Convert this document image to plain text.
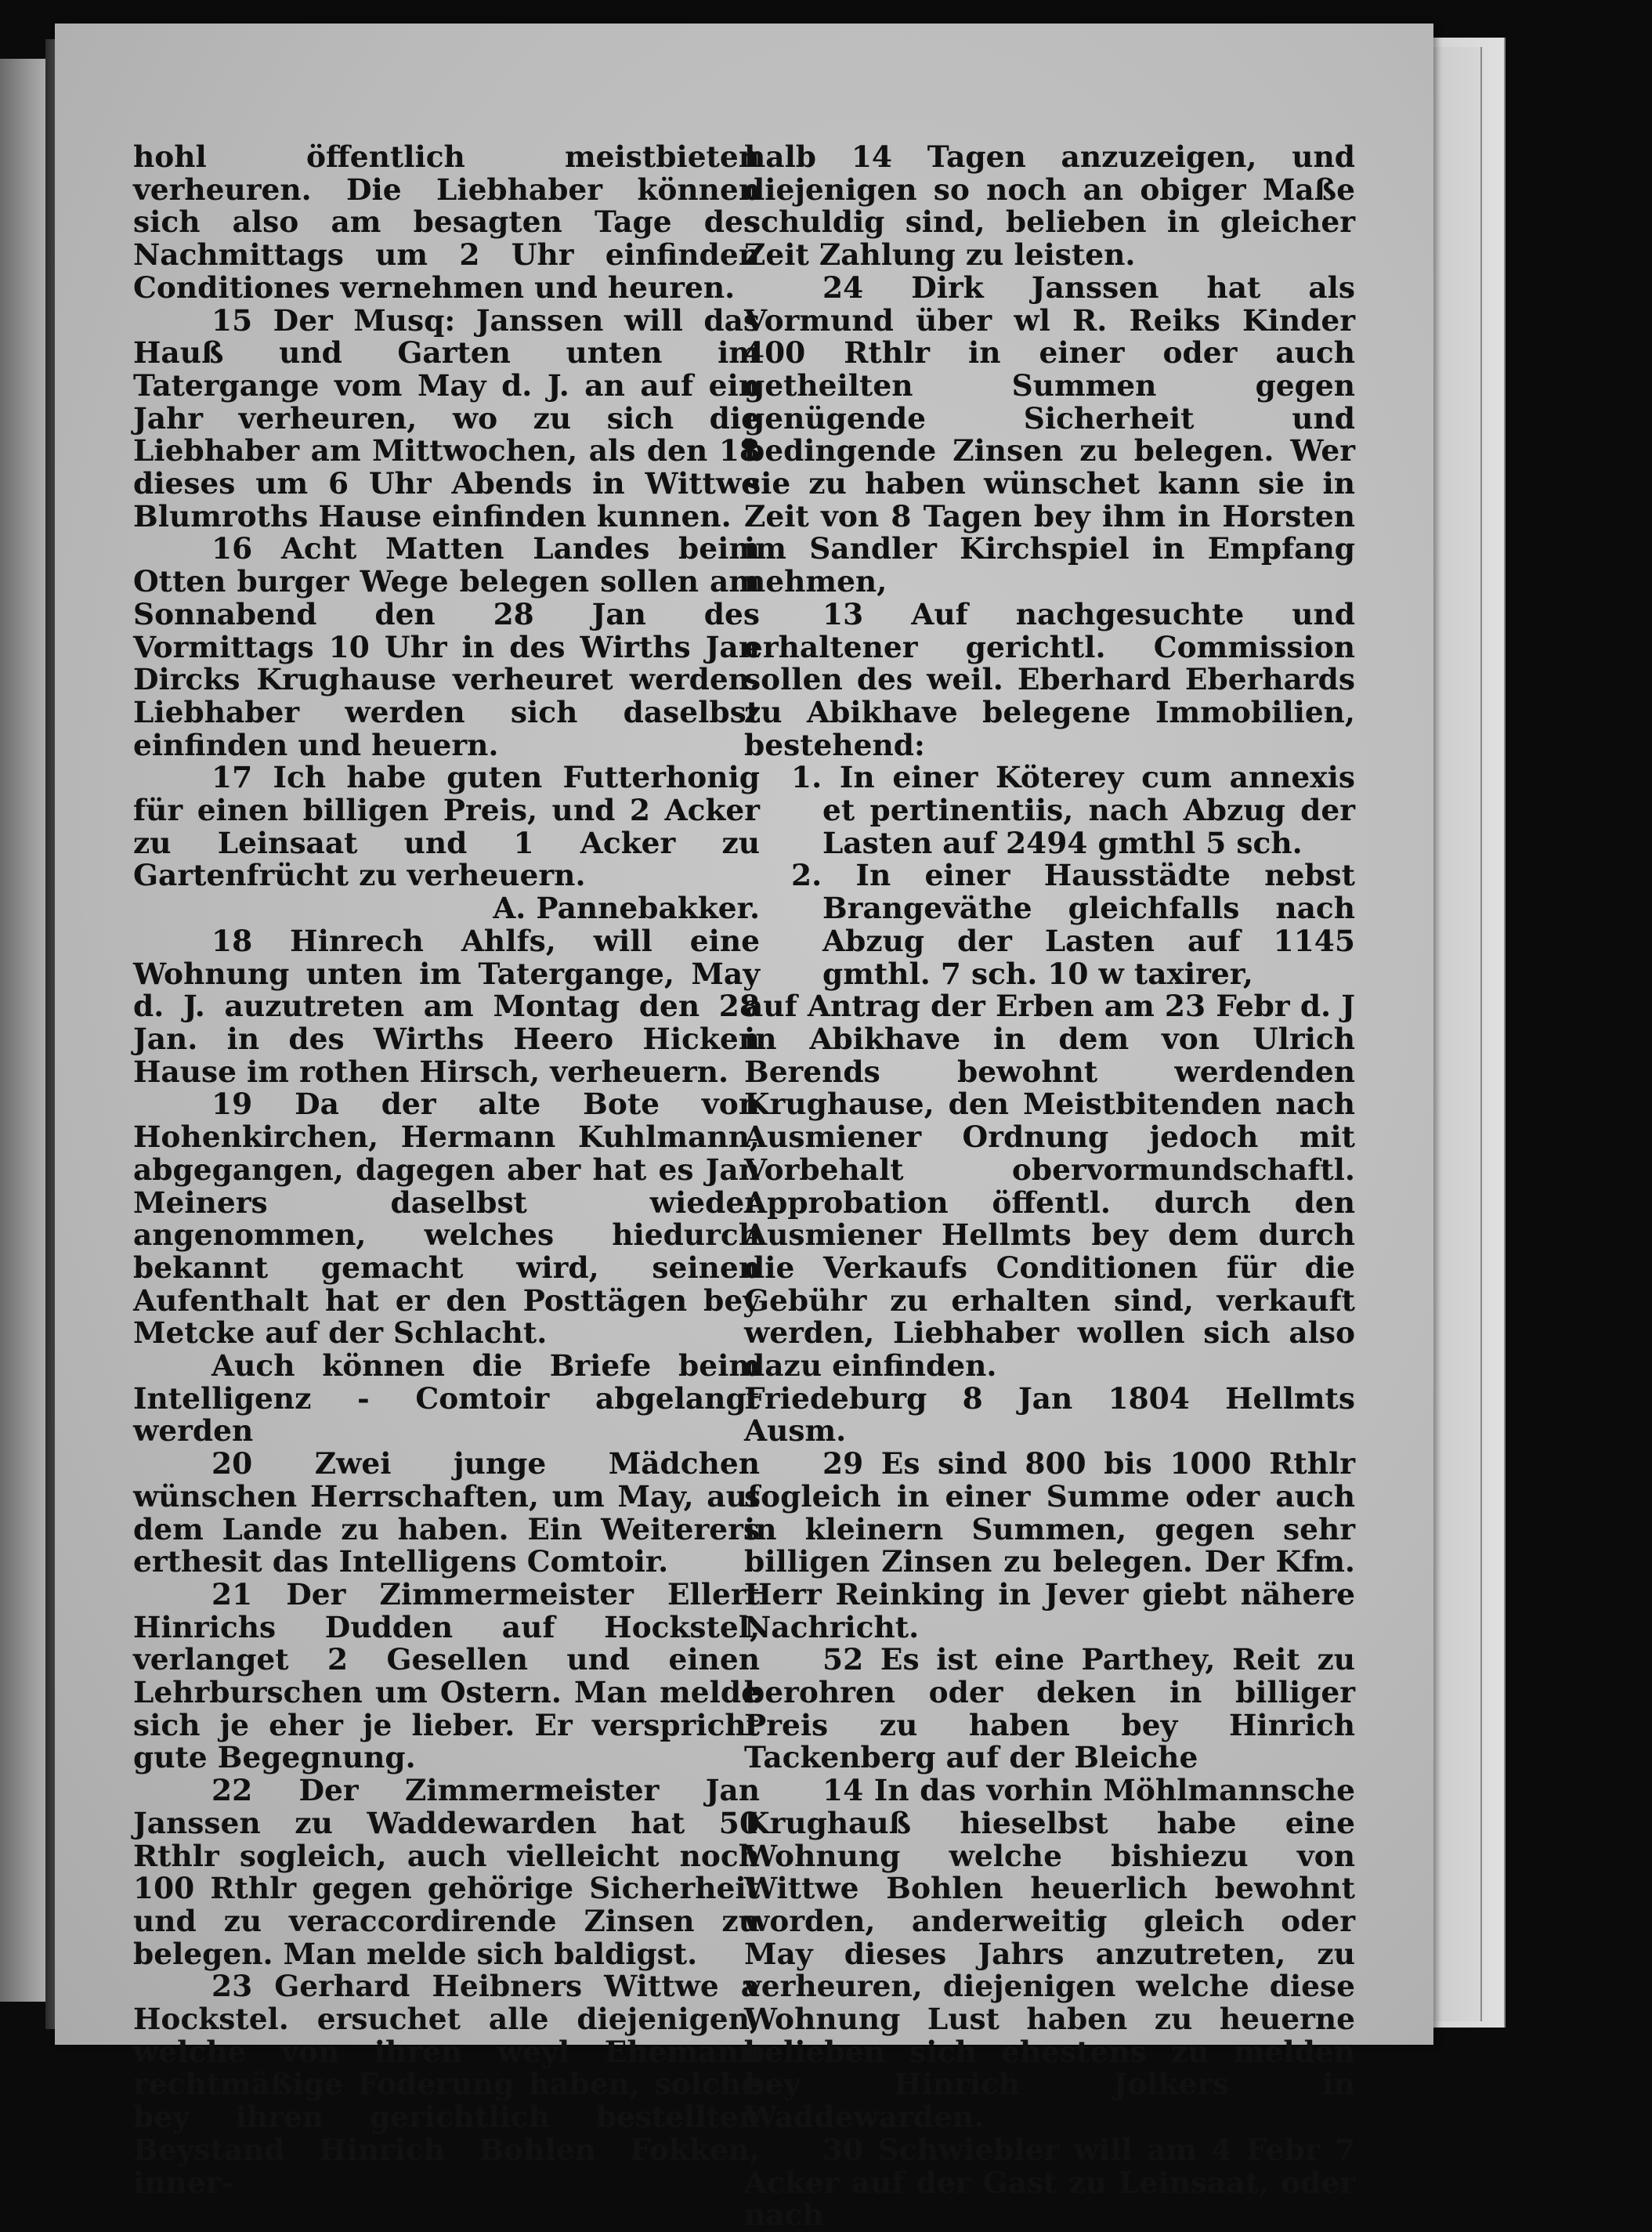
hohl öffentlich meistbieten verheuren. Die Liebhaber können sich also am besagten Tage des Nachmittags um 2 Uhr einfinden Conditiones vernehmen und heuren.

15 Der Musq: Janssen will das Hauß und Garten unten im Tatergange vom May d. J. an auf ein Jahr verheuren, wo zu sich die Liebhaber am Mittwochen, als den 18 dieses um 6 Uhr Abends in Wittwe Blumroths Hause einfinden kunnen.

16 Acht Matten Landes beim Otten burger Wege belegen sollen am Sonnabend den 28 Jan des Vormittags 10 Uhr in des Wirths Jan Dircks Krughause verheuret werden. Liebhaber werden sich daselbst einfinden und heuern.

17 Ich habe guten Futterhonig für einen billigen Preis, und 2 Acker zu Leinsaat und 1 Acker zu Gartenfrücht zu verheuern.

A. Pannebakker.

18 Hinrech Ahlfs, will eine Wohnung unten im Tatergange, May d. J. auzutreten am Montag den 28 Jan. in des Wirths Heero Hicken Hause im rothen Hirsch, verheuern.

19 Da der alte Bote von Hohenkirchen, Hermann Kuhlmann, abgegangen, dagegen aber hat es Jan Meiners daselbst wieder angenommen, welches hiedurch bekannt gemacht wird, seinen Aufenthalt hat er den Posttägen bey Metcke auf der Schlacht.

Auch können die Briefe beim Intelligenz - Comtoir abgelangt werden

20 Zwei junge Mädchen wünschen Herrschaften, um May, auf dem Lande zu haben. Ein Weiterers erthesit das Intelligens Comtoir.

21 Der Zimmermeister Ellert Hinrichs Dudden auf Hockstel, verlanget 2 Gesellen und einen Lehrburschen um Ostern. Man melde sich je eher je lieber. Er verspricht gute Begegnung.

22 Der Zimmermeister Jan Janssen zu Waddewarden hat 50 Rthlr sogleich, auch vielleicht noch 100 Rthlr gegen gehörige Sicherheit und zu veraccordirende Zinsen zu belegen. Man melde sich baldigst.

23 Gerhard Heibners Wittwe a Hockstel. ersuchet alle diejenigen, welche von ihren weyl Ehemann rechtmäßige Foderung haben, solche bey ihren gerichtlich bestellten Beystand Hinrich Bohlen Fokken, inner-

halb 14 Tagen anzuzeigen, und diejenigen so noch an obiger Maße schuldig sind, belieben in gleicher Zeit Zahlung zu leisten.

24 Dirk Janssen hat als Vormund über wl R. Reiks Kinder 400 Rthlr in einer oder auch getheilten Summen gegen genügende Sicherheit und bedingende Zinsen zu belegen. Wer sie zu haben wünschet kann sie in Zeit von 8 Tagen bey ihm in Horsten im Sandler Kirchspiel in Empfang nehmen,

13 Auf nachgesuchte und erhaltener gerichtl. Commission sollen des weil. Eberhard Eberhards zu Abikhave belegene Immobilien, bestehend:

1. In einer Köterey cum annexis et pertinentiis, nach Abzug der Lasten auf 2494 gmthl 5 sch.

2. In einer Hausstädte nebst Brangeväthe gleichfalls nach Abzug der Lasten auf 1145 gmthl. 7 sch. 10 w taxirer,

auf Antrag der Erben am 23 Febr d. J in Abikhave in dem von Ulrich Berends bewohnt werdenden Krughause, den Meistbitenden nach Ausmiener Ordnung jedoch mit Vorbehalt obervormundschaftl. Approbation öffentl. durch den Ausmiener Hellmts bey dem durch die Verkaufs Conditionen für die Gebühr zu erhalten sind, verkauft werden, Liebhaber wollen sich also dazu einfinden.

Friedeburg 8 Jan 1804 Hellmts Ausm.

29 Es sind 800 bis 1000 Rthlr sogleich in einer Summe oder auch in kleinern Summen, gegen sehr billigen Zinsen zu belegen. Der Kfm. Herr Reinking in Jever giebt nähere Nachricht.

52 Es ist eine Parthey, Reit zu berohren oder deken in billiger Preis zu haben bey Hinrich Tackenberg auf der Bleiche

14 In das vorhin Möhlmannsche Krughauß hieselbst habe eine Wohnung welche bishiezu von Wittwe Bohlen heuerlich bewohnt worden, anderweitig gleich oder May dieses Jahrs anzutreten, zu verheuren, diejenigen welche diese Wohnung Lust haben zu heuerne belieben sich ehestens zu melden bey Hinrich Jolkers in Waddewarden.

30 Schwiebler will am 4 Febr 7 Acker auf der Gast zu Leinsaat, oder nach
